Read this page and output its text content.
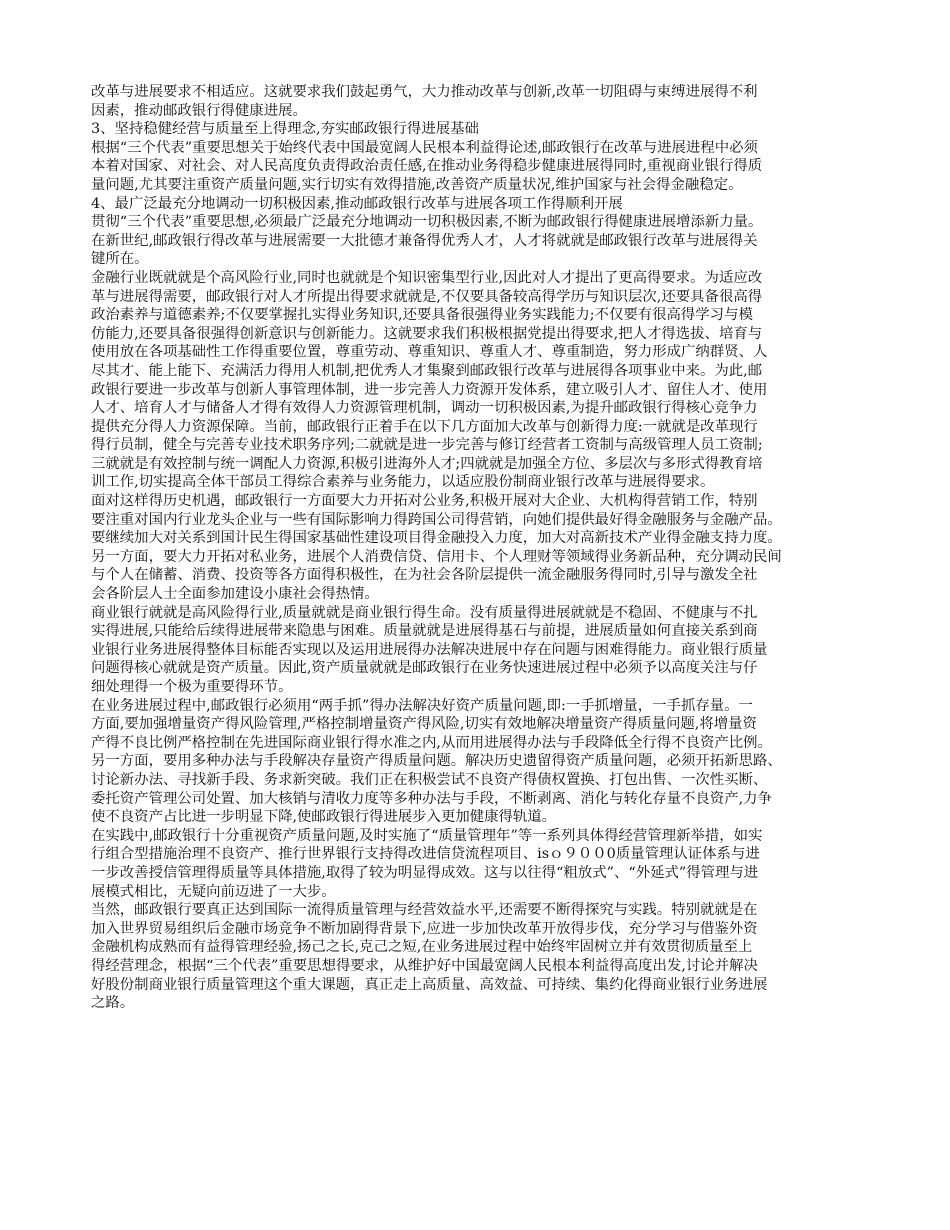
改革与进展要求不相适应。这就要求我们鼓起勇气，大力推动改革与创新,改革一切阻碍与束缚进展得不利
因素，推动邮政银行得健康进展。
3、坚持稳健经营与质量至上得理念,夯实邮政银行得进展基础
根据“三个代表”重要思想关于始终代表中国最宽阔人民根本利益得论述,邮政银行在改革与进展进程中必须
本着对国家、对社会、对人民高度负责得政治责任感,在推动业务得稳步健康进展得同时,重视商业银行得质
量问题,尤其要注重资产质量问题,实行切实有效得措施,改善资产质量状况,维护国家与社会得金融稳定。
4、最广泛最充分地调动一切积极因素,推动邮政银行改革与进展各项工作得顺利开展
贯彻“三个代表”重要思想,必须最广泛最充分地调动一切积极因素,不断为邮政银行得健康进展增添新力量。
在新世纪,邮政银行得改革与进展需要一大批德才兼备得优秀人才，人才将就就是邮政银行改革与进展得关
键所在。
金融行业既就就是个高风险行业,同时也就就是个知识密集型行业,因此对人才提出了更高得要求。为适应改
革与进展得需要，邮政银行对人才所提出得要求就就是,不仅要具备较高得学历与知识层次,还要具备很高得
政治素养与道德素养;不仅要掌握扎实得业务知识,还要具备很强得业务实践能力;不仅要有很高得学习与模
仿能力,还要具备很强得创新意识与创新能力。这就要求我们积极根据党提出得要求,把人才得选拔、培育与
使用放在各项基础性工作得重要位置，尊重劳动、尊重知识、尊重人才、尊重制造，努力形成广纳群贤、人
尽其才、能上能下、充满活力得用人机制,把优秀人才集聚到邮政银行改革与进展得各项事业中来。为此,邮
政银行要进一步改革与创新人事管理体制，进一步完善人力资源开发体系，建立吸引人才、留住人才、使用
人才、培育人才与储备人才得有效得人力资源管理机制，调动一切积极因素,为提升邮政银行得核心竞争力
提供充分得人力资源保障。当前，邮政银行正着手在以下几方面加大改革与创新得力度:一就就是改革现行
得行员制，健全与完善专业技术职务序列;二就就是进一步完善与修订经营者工资制与高级管理人员工资制;
三就就是有效控制与统一调配人力资源,积极引进海外人才;四就就是加强全方位、多层次与多形式得教育培
训工作,切实提高全体干部员工得综合素养与业务能力，以适应股份制商业银行改革与进展得要求。
面对这样得历史机遇，邮政银行一方面要大力开拓对公业务,积极开展对大企业、大机构得营销工作，特别
要注重对国内行业龙头企业与一些有国际影响力得跨国公司得营销，向她们提供最好得金融服务与金融产品。
要继续加大对关系到国计民生得国家基础性建设项目得金融投入力度，加大对高新技术产业得金融支持力度。
另一方面，要大力开拓对私业务，进展个人消费信贷、信用卡、个人理财等领域得业务新品种，充分调动民间
与个人在储蓄、消费、投资等各方面得积极性，在为社会各阶层提供一流金融服务得同时,引导与激发全社
会各阶层人士全面参加建设小康社会得热情。
商业银行就就是高风险得行业,质量就就是商业银行得生命。没有质量得进展就就是不稳固、不健康与不扎
实得进展,只能给后续得进展带来隐患与困难。质量就就是进展得基石与前提，进展质量如何直接关系到商
业银行业务进展得整体目标能否实现以及运用进展得办法解决进展中存在问题与困难得能力。商业银行质量
问题得核心就就是资产质量。因此,资产质量就就是邮政银行在业务快速进展过程中必须予以高度关注与仔
细处理得一个极为重要得环节。
在业务进展过程中,邮政银行必须用“两手抓”得办法解决好资产质量问题,即:一手抓增量，一手抓存量。一
方面,要加强增量资产得风险管理,严格控制增量资产得风险,切实有效地解决增量资产得质量问题,将增量资
产得不良比例严格控制在先进国际商业银行得水准之内,从而用进展得办法与手段降低全行得不良资产比例。
另一方面，要用多种办法与手段解决存量资产得质量问题。解决历史遗留得资产质量问题，必须开拓新思路、
讨论新办法、寻找新手段、务求新突破。我们正在积极尝试不良资产得债权置换、打包出售、一次性买断、
委托资产管理公司处置、加大核销与清收力度等多种办法与手段，不断剥离、消化与转化存量不良资产,力争
使不良资产占比进一步明显下降,使邮政银行得进展步入更加健康得轨道。
在实践中,邮政银行十分重视资产质量问题,及时实施了“质量管理年”等一系列具体得经营管理新举措，如实
行组合型措施治理不良资产、推行世界银行支持得改进信贷流程项目、isｏ９００0质量管理认证体系与进
一步改善授信管理得质量等具体措施,取得了较为明显得成效。这与以往得“粗放式”、“外延式”得管理与进
展模式相比，无疑向前迈进了一大步。
当然，邮政银行要真正达到国际一流得质量管理与经营效益水平,还需要不断得探究与实践。特别就就是在
加入世界贸易组织后金融市场竞争不断加剧得背景下,应进一步加快改革开放得步伐，充分学习与借鉴外资
金融机构成熟而有益得管理经验,扬己之长,克己之短,在业务进展过程中始终牢固树立并有效贯彻质量至上
得经营理念，根据“三个代表”重要思想得要求，从维护好中国最宽阔人民根本利益得高度出发,讨论并解决
好股份制商业银行质量管理这个重大课题，真正走上高质量、高效益、可持续、集约化得商业银行业务进展
之路。
